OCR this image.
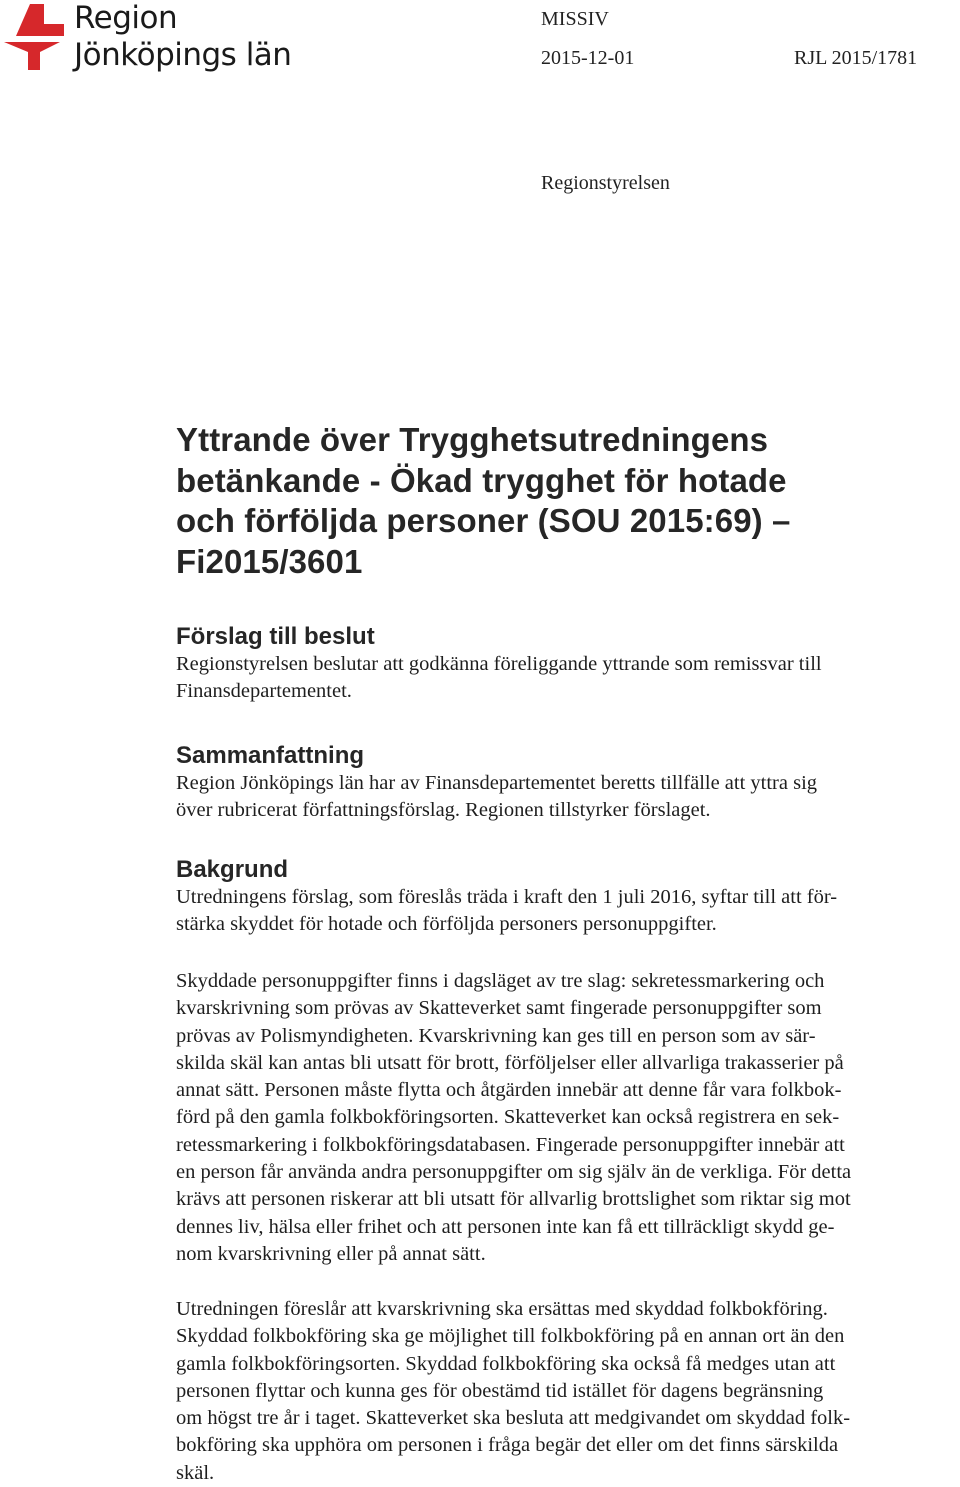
Region
Jönköpings län
MISSIV
2015-12-01	RJL 2015/1781
Regionstyrelsen
Yttrande över Trygghetsutredningens
betänkande - Ökad trygghet för hotade
och förföljda personer (SOU 2015:69) –
Fi2015/3601
Förslag till beslut
Regionstyrelsen beslutar att godkänna föreliggande yttrande som remissvar till
Finansdepartementet.
Sammanfattning
Region Jönköpings län har av Finansdepartementet beretts tillfälle att yttra sig
över rubricerat författningsförslag. Regionen tillstyrker förslaget.
Bakgrund
Utredningens förslag, som föreslås träda i kraft den 1 juli 2016, syftar till att för-
stärka skyddet för hotade och förföljda personers personuppgifter.
Skyddade personuppgifter finns i dagsläget av tre slag: sekretessmarkering och
kvarskrivning som prövas av Skatteverket samt fingerade personuppgifter som
prövas av Polismyndigheten. Kvarskrivning kan ges till en person som av sär-
skilda skäl kan antas bli utsatt för brott, förföljelser eller allvarliga trakasserier på
annat sätt. Personen måste flytta och åtgärden innebär att denne får vara folkbok-
förd på den gamla folkbokföringsorten. Skatteverket kan också registrera en sek-
retessmarkering i folkbokföringsdatabasen. Fingerade personuppgifter innebär att
en person får använda andra personuppgifter om sig själv än de verkliga. För detta
krävs att personen riskerar att bli utsatt för allvarlig brottslighet som riktar sig mot
dennes liv, hälsa eller frihet och att personen inte kan få ett tillräckligt skydd ge-
nom kvarskrivning eller på annat sätt.
Utredningen föreslår att kvarskrivning ska ersättas med skyddad folkbokföring.
Skyddad folkbokföring ska ge möjlighet till folkbokföring på en annan ort än den
gamla folkbokföringsorten. Skyddad folkbokföring ska också få medges utan att
personen flyttar och kunna ges för obestämd tid istället för dagens begränsning
om högst tre år i taget. Skatteverket ska besluta att medgivandet om skyddad folk-
bokföring ska upphöra om personen i fråga begär det eller om det finns särskilda
skäl.
